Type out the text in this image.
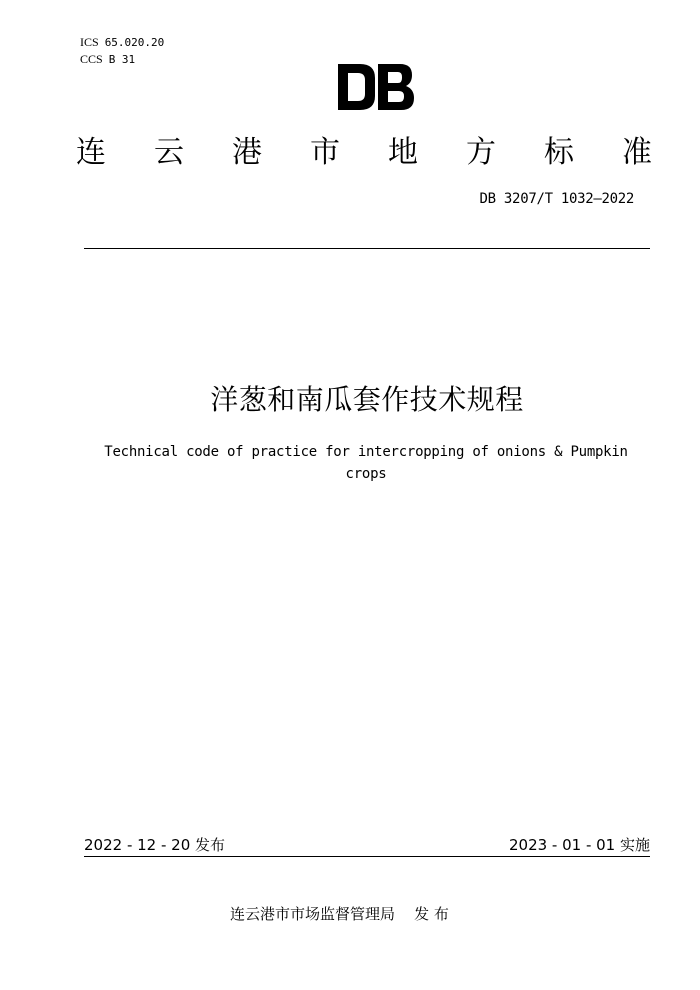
ICS 65.020.20
CCS B 31
连 云 港 市 地 方 标 准
DB 3207/T 1032—2022
洋葱和南瓜套作技术规程
Technical code of practice for intercropping of onions & Pumpkin crops
2022 - 12 - 20 发布	2023 - 01 - 01 实施
连云港市市场监督管理局    发 布
